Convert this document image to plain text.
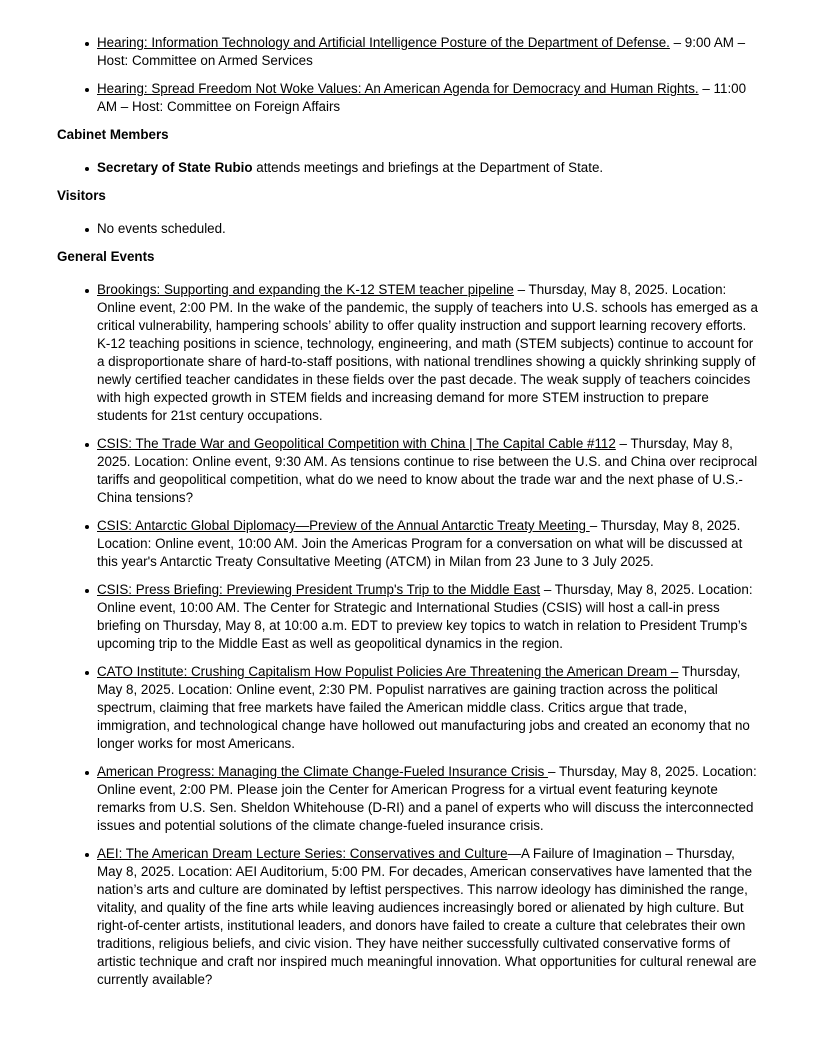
Hearing: Information Technology and Artificial Intelligence Posture of the Department of Defense. – 9:00 AM – Host: Committee on Armed Services
Hearing: Spread Freedom Not Woke Values: An American Agenda for Democracy and Human Rights. – 11:00 AM – Host: Committee on Foreign Affairs
Cabinet Members
Secretary of State Rubio attends meetings and briefings at the Department of State.
Visitors
No events scheduled.
General Events
Brookings: Supporting and expanding the K-12 STEM teacher pipeline – Thursday, May 8, 2025. Location: Online event, 2:00 PM. In the wake of the pandemic, the supply of teachers into U.S. schools has emerged as a critical vulnerability, hampering schools’ ability to offer quality instruction and support learning recovery efforts. K-12 teaching positions in science, technology, engineering, and math (STEM subjects) continue to account for a disproportionate share of hard-to-staff positions, with national trendlines showing a quickly shrinking supply of newly certified teacher candidates in these fields over the past decade. The weak supply of teachers coincides with high expected growth in STEM fields and increasing demand for more STEM instruction to prepare students for 21st century occupations.
CSIS: The Trade War and Geopolitical Competition with China | The Capital Cable #112 – Thursday, May 8, 2025. Location: Online event, 9:30 AM. As tensions continue to rise between the U.S. and China over reciprocal tariffs and geopolitical competition, what do we need to know about the trade war and the next phase of U.S.-China tensions?
CSIS: Antarctic Global Diplomacy—Preview of the Annual Antarctic Treaty Meeting – Thursday, May 8, 2025. Location: Online event, 10:00 AM. Join the Americas Program for a conversation on what will be discussed at this year's Antarctic Treaty Consultative Meeting (ATCM) in Milan from 23 June to 3 July 2025.
CSIS: Press Briefing: Previewing President Trump's Trip to the Middle East – Thursday, May 8, 2025. Location: Online event, 10:00 AM. The Center for Strategic and International Studies (CSIS) will host a call-in press briefing on Thursday, May 8, at 10:00 a.m. EDT to preview key topics to watch in relation to President Trump’s upcoming trip to the Middle East as well as geopolitical dynamics in the region.
CATO Institute: Crushing Capitalism How Populist Policies Are Threatening the American Dream – Thursday, May 8, 2025. Location: Online event, 2:30 PM. Populist narratives are gaining traction across the political spectrum, claiming that free markets have failed the American middle class. Critics argue that trade, immigration, and technological change have hollowed out manufacturing jobs and created an economy that no longer works for most Americans.
American Progress: Managing the Climate Change-Fueled Insurance Crisis – Thursday, May 8, 2025. Location: Online event, 2:00 PM. Please join the Center for American Progress for a virtual event featuring keynote remarks from U.S. Sen. Sheldon Whitehouse (D-RI) and a panel of experts who will discuss the interconnected issues and potential solutions of the climate change-fueled insurance crisis.
AEI: The American Dream Lecture Series: Conservatives and Culture—A Failure of Imagination – Thursday, May 8, 2025. Location: AEI Auditorium, 5:00 PM. For decades, American conservatives have lamented that the nation’s arts and culture are dominated by leftist perspectives. This narrow ideology has diminished the range, vitality, and quality of the fine arts while leaving audiences increasingly bored or alienated by high culture. But right-of-center artists, institutional leaders, and donors have failed to create a culture that celebrates their own traditions, religious beliefs, and civic vision. They have neither successfully cultivated conservative forms of artistic technique and craft nor inspired much meaningful innovation. What opportunities for cultural renewal are currently available?
